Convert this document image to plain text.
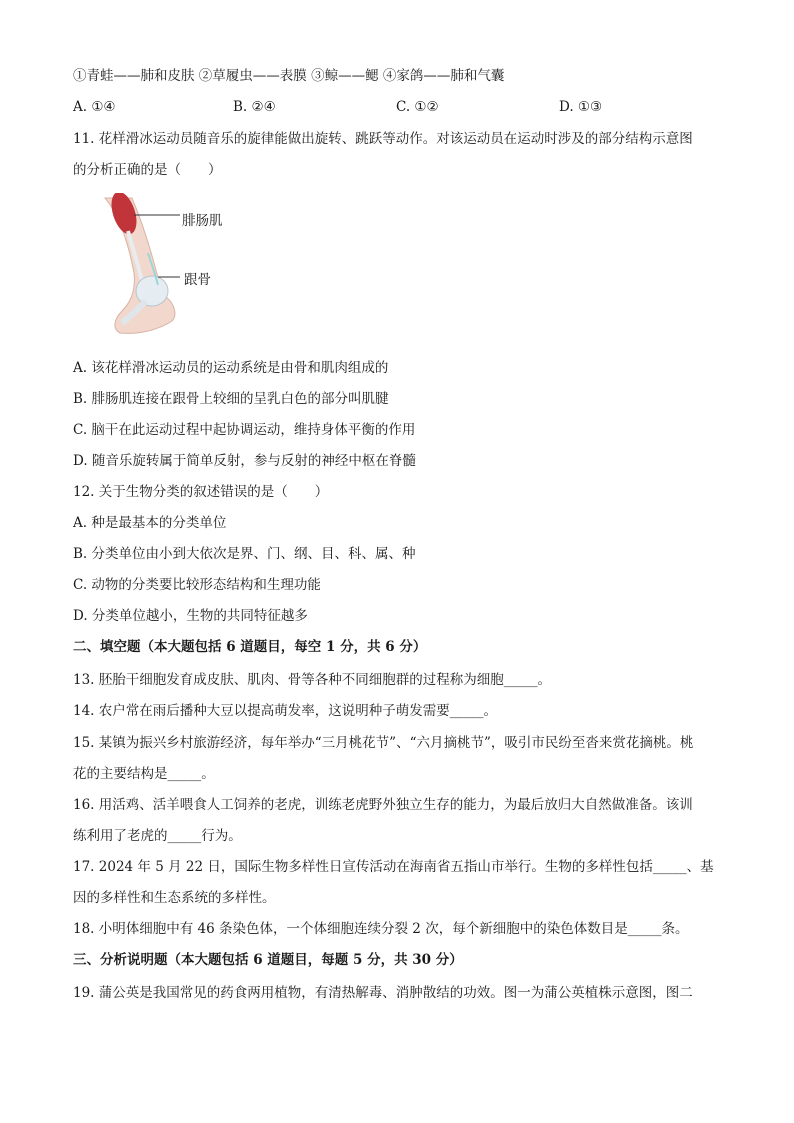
①青蛙——肺和皮肤 ②草履虫——表膜 ③鲸——鳃 ④家鸽——肺和气囊
A. ①④	B. ②④	C. ①②	D. ①③
11. 花样滑冰运动员随音乐的旋律能做出旋转、跳跃等动作。对该运动员在运动时涉及的部分结构示意图
的分析正确的是（　　）
腓肠肌
跟骨
A. 该花样滑冰运动员的运动系统是由骨和肌肉组成的
B. 腓肠肌连接在跟骨上较细的呈乳白色的部分叫肌腱
C. 脑干在此运动过程中起协调运动，维持身体平衡的作用
D. 随音乐旋转属于简单反射，参与反射的神经中枢在脊髓
12. 关于生物分类的叙述错误的是（　　）
A. 种是最基本的分类单位
B. 分类单位由小到大依次是界、门、纲、目、科、属、种
C. 动物的分类要比较形态结构和生理功能
D. 分类单位越小，生物的共同特征越多
二、填空题（本大题包括 6 道题目，每空 1 分，共 6 分）
13. 胚胎干细胞发育成皮肤、肌肉、骨等各种不同细胞群的过程称为细胞_____。
14. 农户常在雨后播种大豆以提高萌发率，这说明种子萌发需要_____。
15. 某镇为振兴乡村旅游经济，每年举办“三月桃花节”、“六月摘桃节”，吸引市民纷至沓来赏花摘桃。桃
花的主要结构是_____。
16. 用活鸡、活羊喂食人工饲养的老虎，训练老虎野外独立生存的能力，为最后放归大自然做准备。该训
练利用了老虎的_____行为。
17. 2024 年 5 月 22 日，国际生物多样性日宣传活动在海南省五指山市举行。生物的多样性包括_____、基
因的多样性和生态系统的多样性。
18. 小明体细胞中有 46 条染色体，一个体细胞连续分裂 2 次，每个新细胞中的染色体数目是_____条。
三、分析说明题（本大题包括 6 道题目，每题 5 分，共 30 分）
19. 蒲公英是我国常见的药食两用植物，有清热解毒、消肿散结的功效。图一为蒲公英植株示意图，图二
